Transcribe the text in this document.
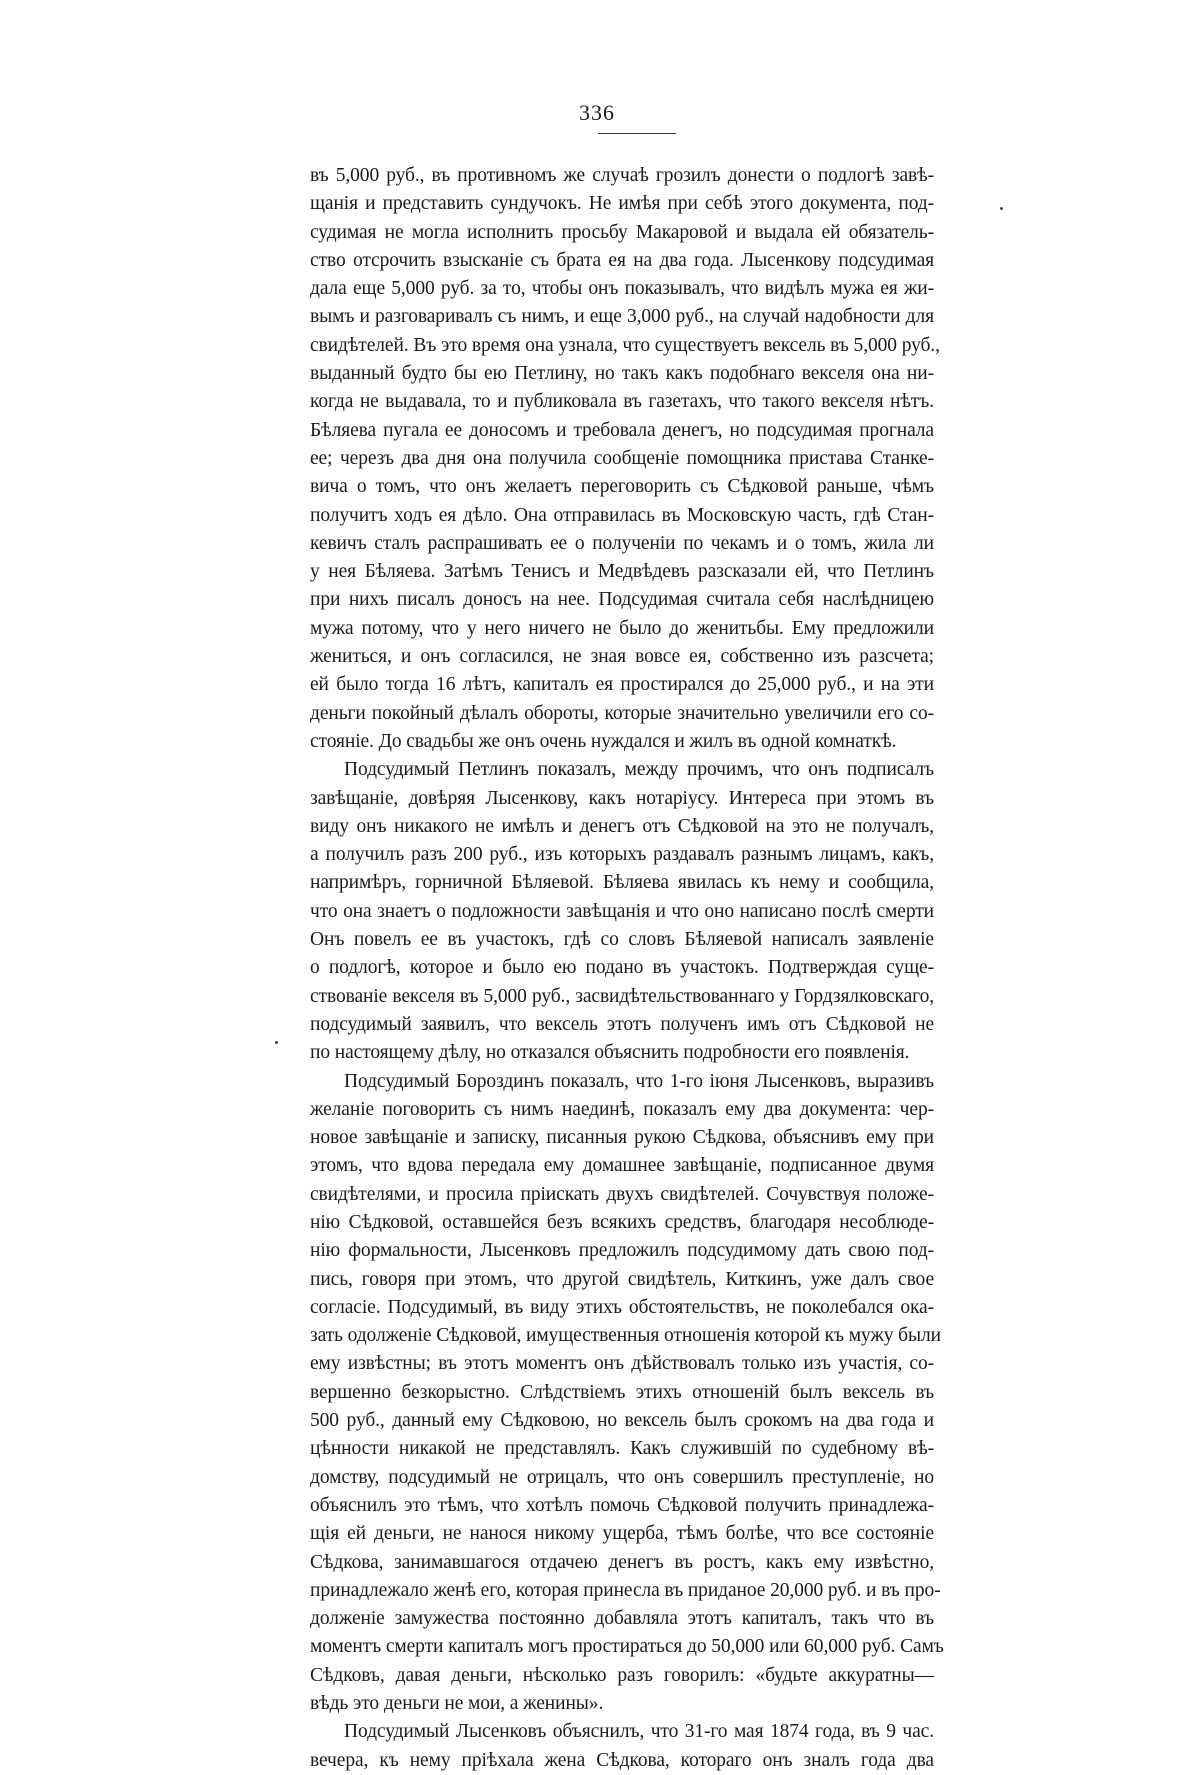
336
въ 5,000 руб., въ противномъ же случаѣ грозилъ донести о подлогѣ завѣ-
щанія и представить сундучокъ. Не имѣя при себѣ этого документа, под-
судимая не могла исполнить просьбу Макаровой и выдала ей обязатель-
ство отсрочить взысканіе съ брата ея на два года. Лысенкову подсудимая
дала еще 5,000 руб. за то, чтобы онъ показывалъ, что видѣлъ мужа ея жи-
вымъ и разговаривалъ съ нимъ, и еще 3,000 руб., на случай надобности для
свидѣтелей. Въ это время она узнала, что существуетъ вексель въ 5,000 руб.,
выданный будто бы ею Петлину, но такъ какъ подобнаго векселя она ни-
когда не выдавала, то и публиковала въ газетахъ, что такого векселя нѣтъ.
Бѣляева пугала ее доносомъ и требовала денегъ, но подсудимая прогнала
ее; черезъ два дня она получила сообщеніе помощника пристава Станке-
вича о томъ, что онъ желаетъ переговорить съ Сѣдковой раньше, чѣмъ
получитъ ходъ ея дѣло. Она отправилась въ Московскую часть, гдѣ Стан-
кевичъ сталъ распрашивать ее о полученіи по чекамъ и о томъ, жила ли
у нея Бѣляева. Затѣмъ Тенисъ и Медвѣдевъ разсказали ей, что Петлинъ
при нихъ писалъ доносъ на нее. Подсудимая считала себя наслѣдницею
мужа потому, что у него ничего не было до женитьбы. Ему предложили
жениться, и онъ согласился, не зная вовсе ея, собственно изъ разсчета;
ей было тогда 16 лѣтъ, капиталъ ея простирался до 25,000 руб., и на эти
деньги покойный дѣлалъ обороты, которые значительно увеличили его со-
стояніе. До свадьбы же онъ очень нуждался и жилъ въ одной комнаткѣ.
Подсудимый Петлинъ показалъ, между прочимъ, что онъ подписалъ
завѣщаніе, довѣряя Лысенкову, какъ нотаріусу. Интереса при этомъ въ
виду онъ никакого не имѣлъ и денегъ отъ Сѣдковой на это не получалъ,
а получилъ разъ 200 руб., изъ которыхъ раздавалъ разнымъ лицамъ, какъ,
напримѣръ, горничной Бѣляевой. Бѣляева явилась къ нему и сообщила,
что она знаетъ о подложности завѣщанія и что оно написано послѣ смерти
Онъ повелъ ее въ участокъ, гдѣ со словъ Бѣляевой написалъ заявленіе
о подлогѣ, которое и было ею подано въ участокъ. Подтверждая суще-
ствованіе векселя въ 5,000 руб., засвидѣтельствованнаго у Гордзялковскаго,
подсудимый заявилъ, что вексель этотъ полученъ имъ отъ Сѣдковой не
по настоящему дѣлу, но отказался объяснить подробности его появленія.
Подсудимый Бороздинъ показалъ, что 1-го іюня Лысенковъ, выразивъ
желаніе поговорить съ нимъ наединѣ, показалъ ему два документа: чер-
новое завѣщаніе и записку, писанныя рукою Сѣдкова, объяснивъ ему при
этомъ, что вдова передала ему домашнее завѣщаніе, подписанное двумя
свидѣтелями, и просила пріискать двухъ свидѣтелей. Сочувствуя положе-
нію Сѣдковой, оставшейся безъ всякихъ средствъ, благодаря несоблюде-
нію формальности, Лысенковъ предложилъ подсудимому дать свою под-
пись, говоря при этомъ, что другой свидѣтель, Киткинъ, уже далъ свое
согласіе. Подсудимый, въ виду этихъ обстоятельствъ, не поколебался ока-
зать одолженіе Сѣдковой, имущественныя отношенія которой къ мужу были
ему извѣстны; въ этотъ моментъ онъ дѣйствовалъ только изъ участія, со-
вершенно безкорыстно. Слѣдствіемъ этихъ отношеній былъ вексель въ
500 руб., данный ему Сѣдковою, но вексель былъ срокомъ на два года и
цѣнности никакой не представлялъ. Какъ служившій по судебному вѣ-
домству, подсудимый не отрицалъ, что онъ совершилъ преступленіе, но
объяснилъ это тѣмъ, что хотѣлъ помочь Сѣдковой получить принадлежа-
щія ей деньги, не нанося никому ущерба, тѣмъ болѣе, что все состояніе
Сѣдкова, занимавшагося отдачею денегъ въ ростъ, какъ ему извѣстно,
принадлежало женѣ его, которая принесла въ приданое 20,000 руб. и въ про-
долженіе замужества постоянно добавляла этотъ капиталъ, такъ что въ
моментъ смерти капиталъ могъ простираться до 50,000 или 60,000 руб. Самъ
Сѣдковъ, давая деньги, нѣсколько разъ говорилъ: «будьте аккуратны—
вѣдь это деньги не мои, а женины».
Подсудимый Лысенковъ объяснилъ, что 31-го мая 1874 года, въ 9 час.
вечера, къ нему пріѣхала жена Сѣдкова, котораго онъ зналъ года два
